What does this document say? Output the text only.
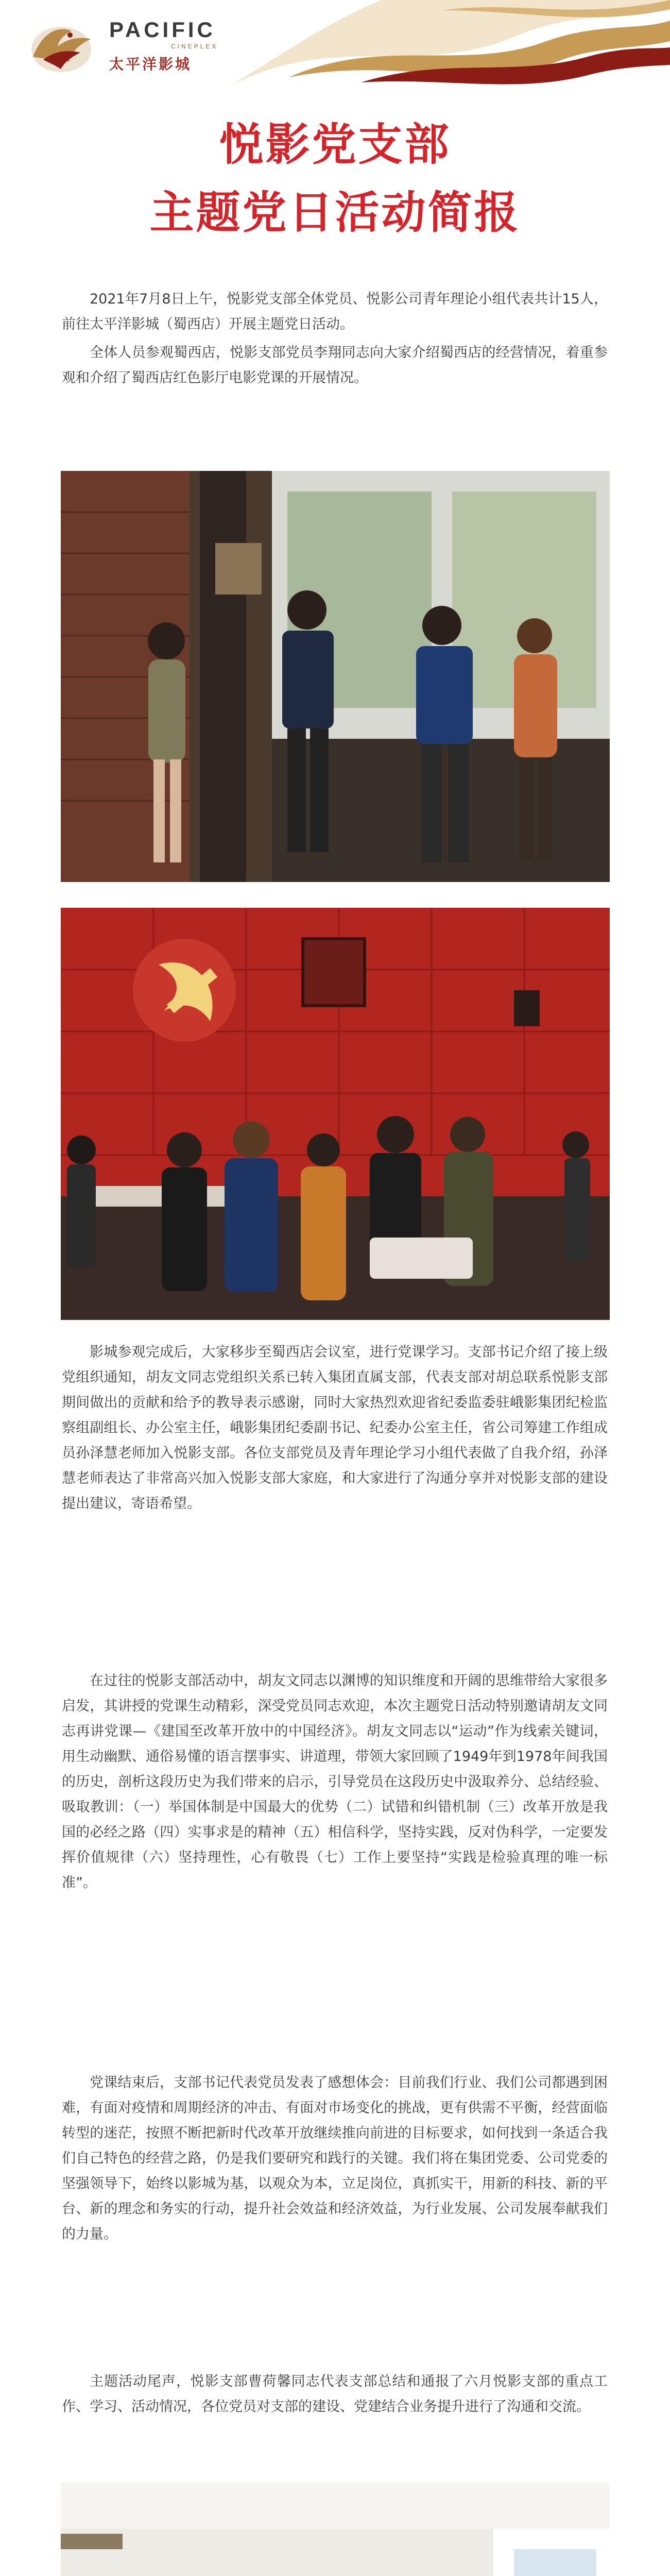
PACIFIC
CINEPLEX
太平洋影城
悦影党支部
主题党日活动简报

2021年7月8日上午，悦影党支部全体党员、悦影公司青年理论小组代表共计15人，前往太平洋影城（蜀西店）开展主题党日活动。

全体人员参观蜀西店，悦影支部党员李翔同志向大家介绍蜀西店的经营情况，着重参观和介绍了蜀西店红色影厅电影党课的开展情况。

影城参观完成后，大家移步至蜀西店会议室，进行党课学习。支部书记介绍了接上级党组织通知，胡友文同志党组织关系已转入集团直属支部，代表支部对胡总联系悦影支部期间做出的贡献和给予的教导表示感谢，同时大家热烈欢迎省纪委监委驻峨影集团纪检监察组副组长、办公室主任，峨影集团纪委副书记、纪委办公室主任，省公司筹建工作组成员孙泽慧老师加入悦影支部。各位支部党员及青年理论学习小组代表做了自我介绍，孙泽慧老师表达了非常高兴加入悦影支部大家庭，和大家进行了沟通分享并对悦影支部的建设提出建议，寄语希望。

在过往的悦影支部活动中，胡友文同志以渊博的知识维度和开阔的思维带给大家很多启发，其讲授的党课生动精彩，深受党员同志欢迎，本次主题党日活动特别邀请胡友文同志再讲党课—《建国至改革开放中的中国经济》。胡友文同志以“运动”作为线索关键词，用生动幽默、通俗易懂的语言摆事实、讲道理，带领大家回顾了1949年到1978年间我国的历史，剖析这段历史为我们带来的启示，引导党员在这段历史中汲取养分、总结经验、吸取教训：（一）举国体制是中国最大的优势（二）试错和纠错机制（三）改革开放是我国的必经之路（四）实事求是的精神（五）相信科学，坚持实践，反对伪科学，一定要发挥价值规律（六）坚持理性，心有敬畏（七）工作上要坚持“实践是检验真理的唯一标准”。

党课结束后，支部书记代表党员发表了感想体会：目前我们行业、我们公司都遇到困难，有面对疫情和周期经济的冲击、有面对市场变化的挑战，更有供需不平衡，经营面临转型的迷茫，按照不断把新时代改革开放继续推向前进的目标要求，如何找到一条适合我们自己特色的经营之路，仍是我们要研究和践行的关键。我们将在集团党委、公司党委的坚强领导下，始终以影城为基，以观众为本，立足岗位，真抓实干，用新的科技、新的平台、新的理念和务实的行动，提升社会效益和经济效益，为行业发展、公司发展奉献我们的力量。

主题活动尾声，悦影支部曹荷馨同志代表支部总结和通报了六月悦影支部的重点工作、学习、活动情况，各位党员对支部的建设、党建结合业务提升进行了沟通和交流。
